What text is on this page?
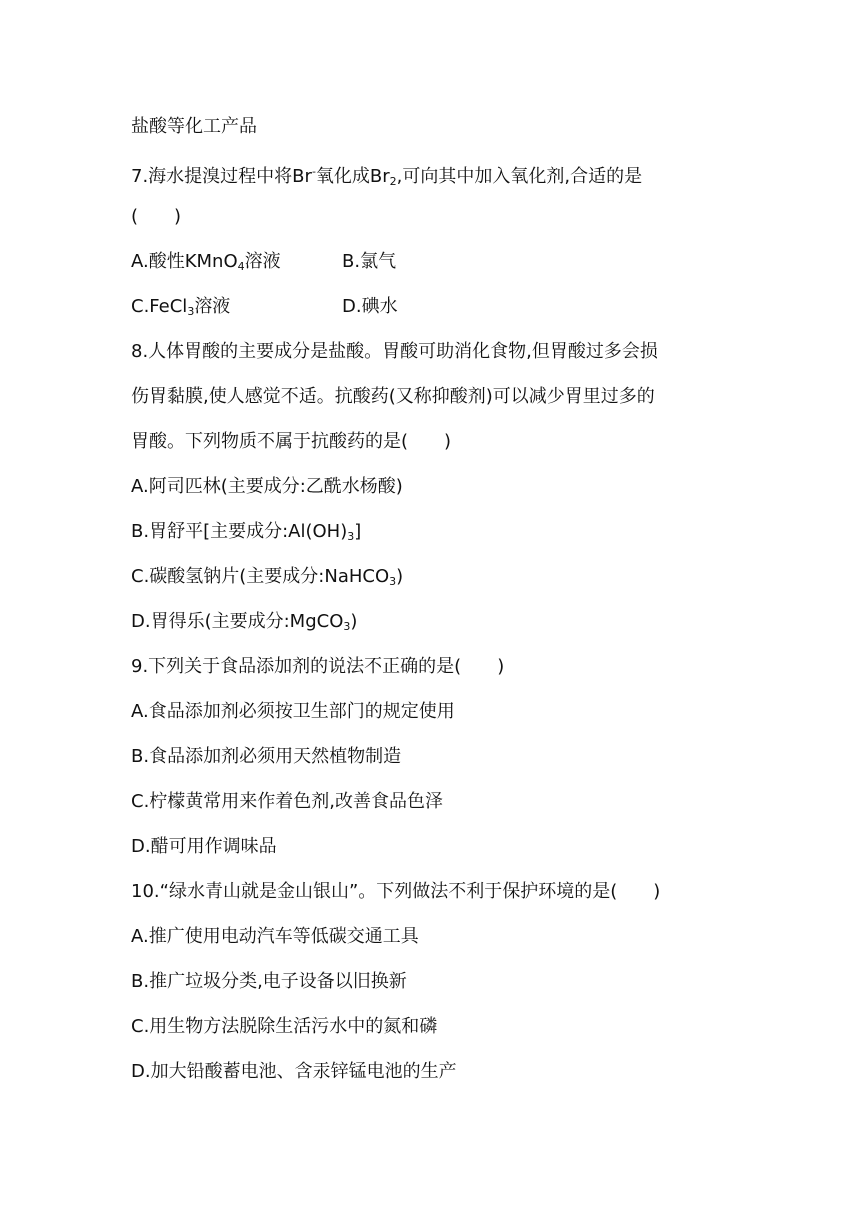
盐酸等化工产品
7.海水提溴过程中将Br-氧化成$Br_2$,可向其中加入氧化剂,合适的是
(　　)
A.酸性KMnO$_4$溶液	B.氯气
C.FeCl$_3$溶液	D.碘水
8.人体胃酸的主要成分是盐酸。胃酸可助消化食物,但胃酸过多会损
伤胃黏膜,使人感觉不适。抗酸药(又称抑酸剂)可以减少胃里过多的
胃酸。下列物质不属于抗酸药的是(　　)
A.阿司匹林(主要成分:乙酰水杨酸)
B.胃舒平[主要成分$:Al(OH)_3$]
C.碳酸氢钠片(主要成分:NaHCO$_3$)
D.胃得乐(主要成分:MgCO$_3$)
9.下列关于食品添加剂的说法不正确的是(　　)
A.食品添加剂必须按卫生部门的规定使用
B.食品添加剂必须用天然植物制造
C.柠檬黄常用来作着色剂,改善食品色泽
D.醋可用作调味品
10.“绿水青山就是金山银山”。下列做法不利于保护环境的是(　　)
A.推广使用电动汽车等低碳交通工具
B.推广垃圾分类,电子设备以旧换新
C.用生物方法脱除生活污水中的氮和磷
D.加大铅酸蓄电池、含汞锌锰电池的生产
